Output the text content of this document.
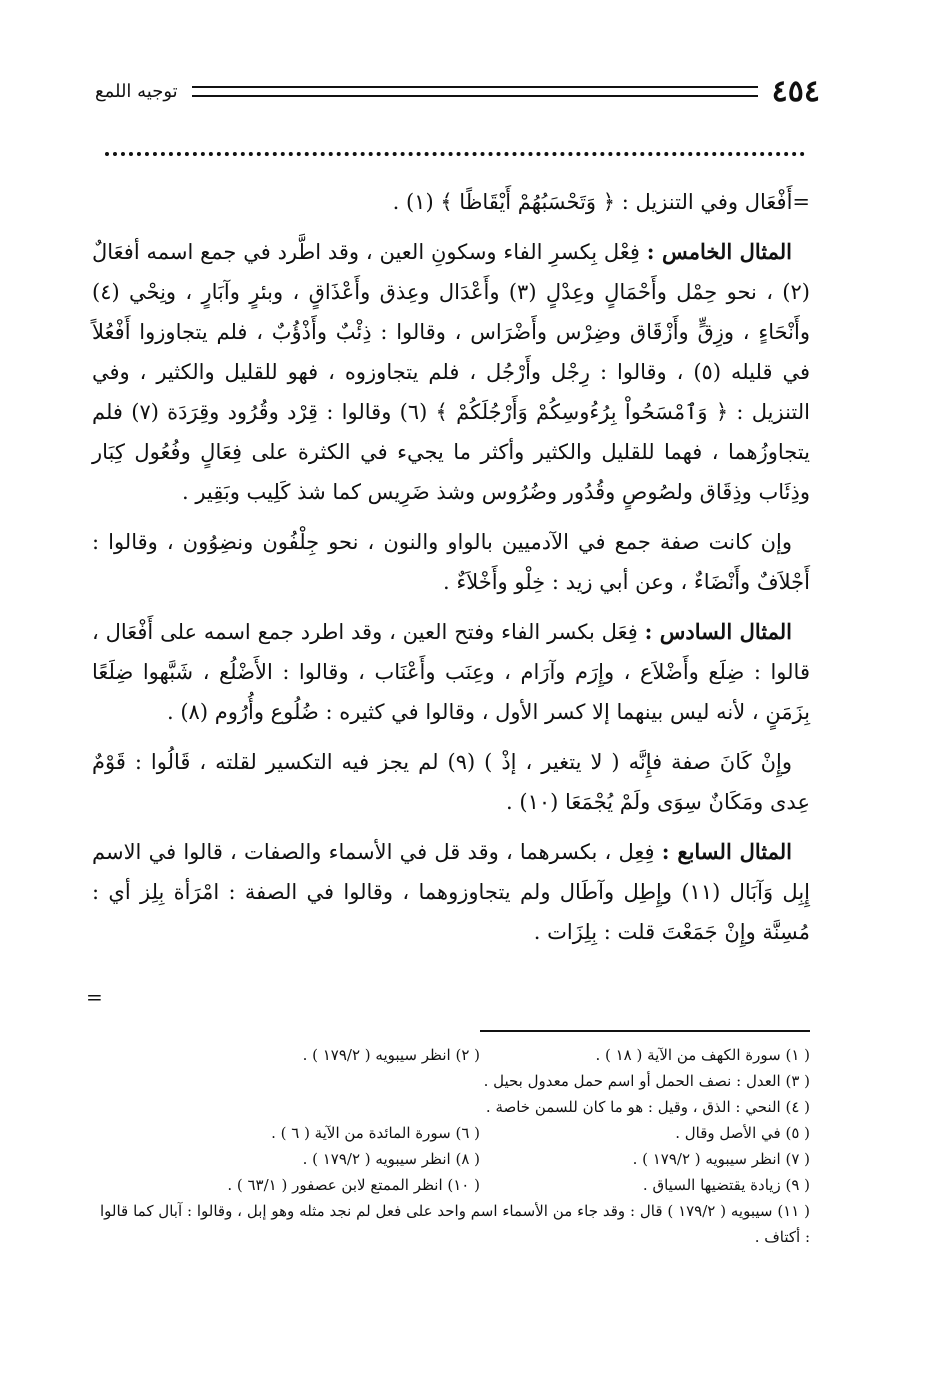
٤٥٤
توجيه اللمع

=أَفْعَال وفي التنزيل : ﴿ وَتَحْسَبُهُمْ أَيْقَاظًا ﴾ (١) .

المثال الخامس : فِعْل بِكسرِ الفاء وسكونِ العين ، وقد اطَّرد في جمع اسمه أفعَالٌ (٢) ، نحو حِمْل وأَحْمَالٍ وعِدْلٍ (٣) وأَعْدَال وعِذق وأَعْذَاقٍ ، وبئرٍ وآبَارٍ ، ونِحْي (٤) وأَنْحَاءٍ ، وزِقٍّ وأَزْقَاق وضِرْس وأَضْرَاس ، وقالوا : ذِئْبٌ وأَذْؤُبٌ ، فلم يتجاوزوا أَفْعُلاً في قليله (٥) ، وقالوا : رِجْل وأَرْجُل ، فلم يتجاوزوه ، فهو للقليل والكثير ، وفي التنزيل : ﴿ وَٱمْسَحُواْ بِرُءُوسِكُمْ وَأَرْجُلَكُمْ ﴾ (٦) وقالوا : قِرْد وقُرُود وقِرَدَة (٧) فلم يتجاوزُهما ، فهما للقليل والكثير وأكثر ما يجيء في الكثرة على فِعَالٍ وفُعُول كِبَار وذِئَاب وذِقَاق ولصُوصٍ وقُدُور وضُرُوس وشذ ضَرِيس كما شذ كَلِيب وبَقِير .

وإن كانت صفة جمع في الآدميين بالواو والنون ، نحو جِلْفُون ونضِوُون ، وقالوا : أَجْلاَفٌ وأَنْضَاءٌ ، وعن أبي زيد : خِلْو وأَخْلاَءٌ .

المثال السادس : فِعَل بكسر الفاء وفتح العين ، وقد اطرد جمع اسمه على أَفْعَال ، قالوا : ضِلَع وأَضْلاَع ، وإِرَم وآرَام ، وعِنَب وأَعْنَاب ، وقالوا : الأَضْلُع ، شَبَّهوا ضِلَعًا بِزَمَنٍ ، لأنه ليس بينهما إلا كسر الأول ، وقالوا في كثيره : ضُلُوع وأُرُوم (٨) .

وإِنْ كَانَ صفة فإِنَّه ( لا يتغير ، إذْ ) (٩) لم يجز فيه التكسير لقلته ، قَالُوا : قَوْمٌ عِدى ومَكَانٌ سِوَى ولَمْ يُجْمَعَا (١٠) .

المثال السابع : فِعِل ، بكسرهما ، وقد قل في الأسماء والصفات ، قالوا في الاسم إِبِل وَآبَال (١١) وإِطِل وآطَال ولم يتجاوزوهما ، وقالوا في الصفة : امْرَأة بِلِز أي : مُسِنَّة وإِنْ جَمَعْتَ قلت : بِلِزَات .

=
( ١) سورة الكهف من الآية ( ١٨ ) .
( ٢) انظر سيبويه ( ١٧٩/٢ ) .
( ٣) العدل : نصف الحمل أو اسم حمل معدول بحيل .
( ٤) النحي : الذق ، وقيل : هو ما كان للسمن خاصة .
( ٥) في الأصل وقال .
( ٦) سورة المائدة من الآية ( ٦ ) .
( ٧) انظر سيبويه ( ١٧٩/٢ ) .
( ٨) انظر سيبويه ( ١٧٩/٢ ) .
( ٩) زيادة يقتضيها السياق .
( ١٠) انظر الممتع لابن عصفور ( ٦٣/١ ) .
( ١١) سيبويه ( ١٧٩/٢ ) قال : وقد جاء من الأسماء اسم واحد على فعل لم نجد مثله وهو إبل ، وقالوا : آبال كما قالوا : أكتاف .
